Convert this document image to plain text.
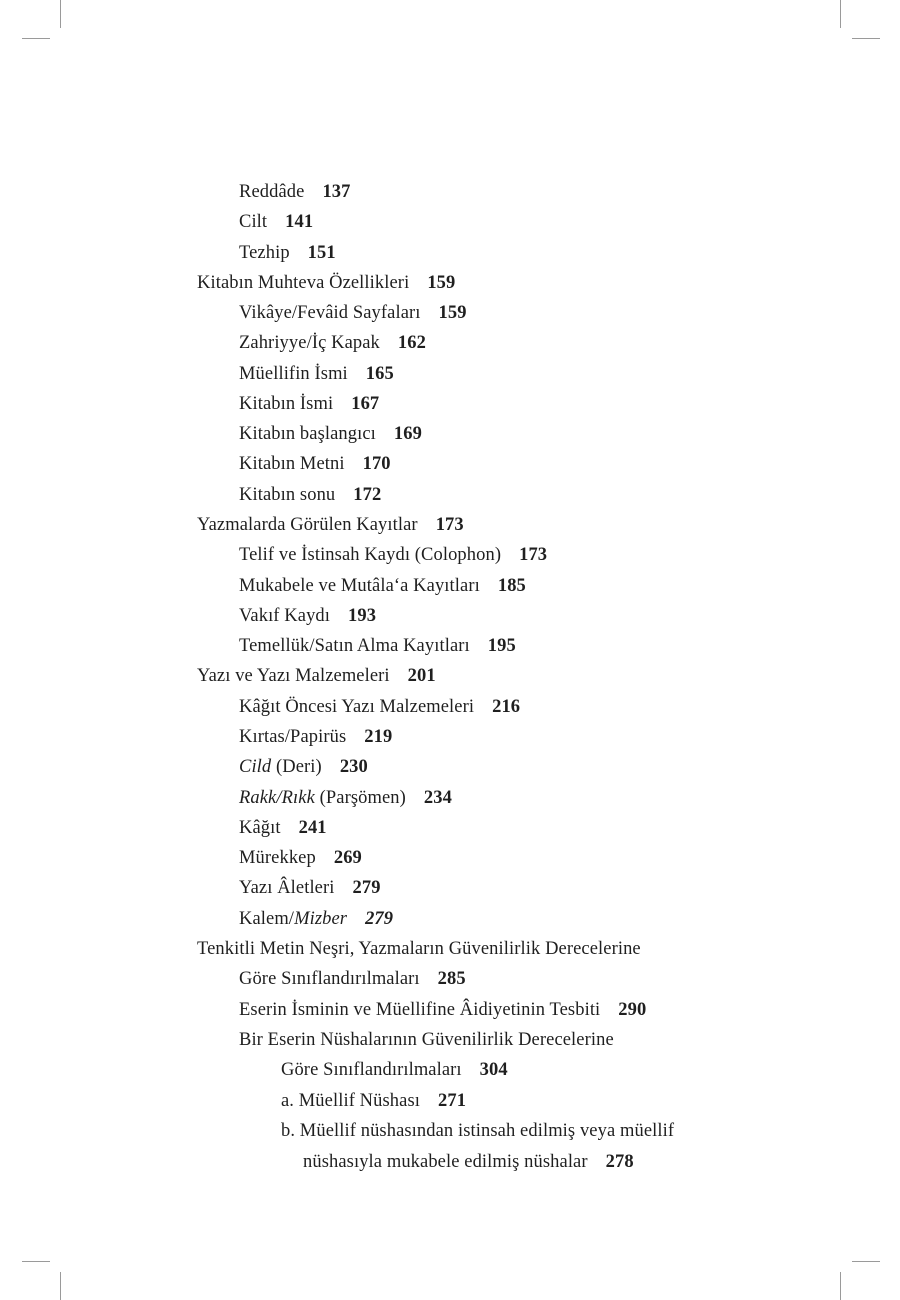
Reddâde 137
Cilt 141
Tezhip 151
Kitabın Muhteva Özellikleri 159
Vikâye/Fevâid Sayfaları 159
Zahriyye/İç Kapak 162
Müellifin İsmi 165
Kitabın İsmi 167
Kitabın başlangıcı 169
Kitabın Metni 170
Kitabın sonu 172
Yazmalarda Görülen Kayıtlar 173
Telif ve İstinsah Kaydı (Colophon) 173
Mukabele ve Mutâlaʻa Kayıtları 185
Vakıf Kaydı 193
Temellük/Satın Alma Kayıtları 195
Yazı ve Yazı Malzemeleri 201
Kâğıt Öncesi Yazı Malzemeleri 216
Kırtas/Papirüs 219
Cild (Deri) 230
Rakk/Rıkk (Parşömen) 234
Kâğıt 241
Mürekkep 269
Yazı Âletleri 279
Kalem/Mizber 279
Tenkitli Metin Neşri, Yazmaların Güvenilirlik Derecelerine
Göre Sınıflandırılmaları 285
Eserin İsminin ve Müellifine Âidiyetinin Tesbiti 290
Bir Eserin Nüshalarının Güvenilirlik Derecelerine
Göre Sınıflandırılmaları 304
a. Müellif Nüshası 271
b. Müellif nüshasından istinsah edilmiş veya müellif
nüshasıyla mukabele edilmiş nüshalar 278
